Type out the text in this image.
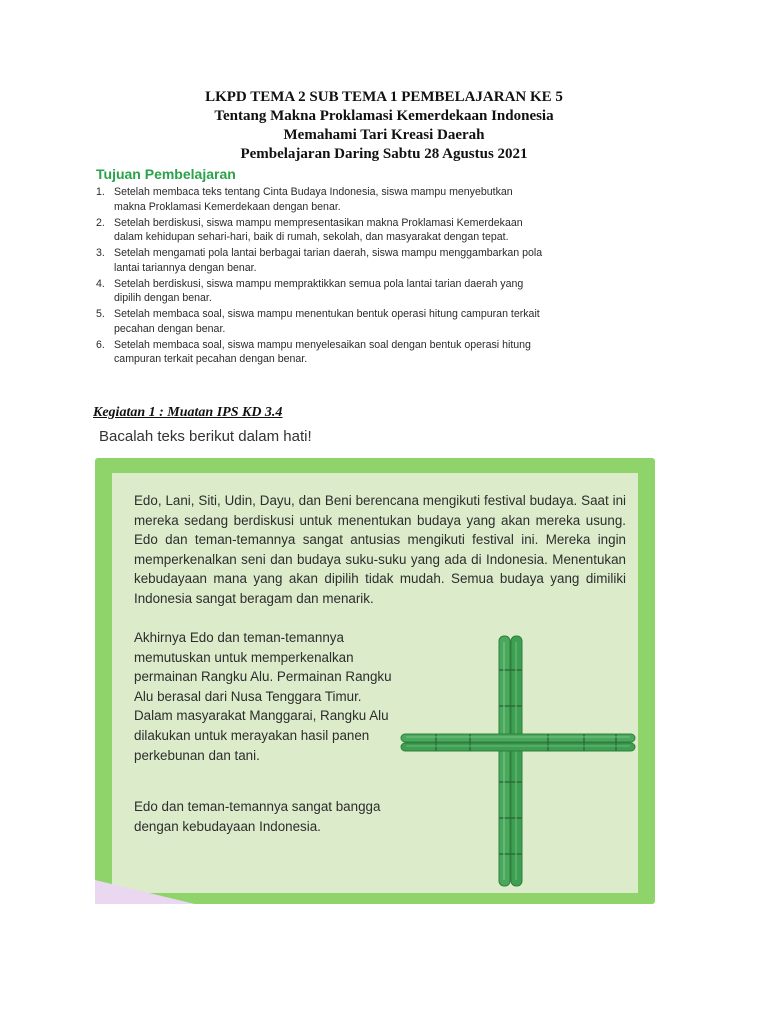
LKPD TEMA 2 SUB TEMA 1 PEMBELAJARAN KE 5
Tentang Makna Proklamasi Kemerdekaan Indonesia
Memahami Tari Kreasi Daerah
Pembelajaran Daring Sabtu 28 Agustus 2021
Tujuan Pembelajaran
1. Setelah membaca teks tentang Cinta Budaya Indonesia, siswa mampu menyebutkan makna Proklamasi Kemerdekaan dengan benar.
2. Setelah berdiskusi, siswa mampu mempresentasikan makna Proklamasi Kemerdekaan dalam kehidupan sehari-hari, baik di rumah, sekolah, dan masyarakat dengan tepat.
3. Setelah mengamati pola lantai berbagai tarian daerah, siswa mampu menggambarkan pola lantai tariannya dengan benar.
4. Setelah berdiskusi, siswa mampu mempraktikkan semua pola lantai tarian daerah yang dipilih dengan benar.
5. Setelah membaca soal, siswa mampu menentukan bentuk operasi hitung campuran terkait pecahan dengan benar.
6. Setelah membaca soal, siswa mampu menyelesaikan soal dengan bentuk operasi hitung campuran terkait pecahan dengan benar.
Kegiatan 1 : Muatan IPS KD 3.4
Bacalah teks berikut dalam hati!
Edo, Lani, Siti, Udin, Dayu, dan Beni berencana mengikuti festival budaya. Saat ini mereka sedang berdiskusi untuk menentukan budaya yang akan mereka usung. Edo dan teman-temannya sangat antusias mengikuti festival ini. Mereka ingin memperkenalkan seni dan budaya suku-suku yang ada di Indonesia. Menentukan kebudayaan mana yang akan dipilih tidak mudah. Semua budaya yang dimiliki Indonesia sangat beragam dan menarik.
Akhirnya Edo dan teman-temannya memutuskan untuk memperkenalkan permainan Rangku Alu. Permainan Rangku Alu berasal dari Nusa Tenggara Timur. Dalam masyarakat Manggarai, Rangku Alu dilakukan untuk merayakan hasil panen perkebunan dan tani.
Edo dan teman-temannya sangat bangga dengan kebudayaan Indonesia.
